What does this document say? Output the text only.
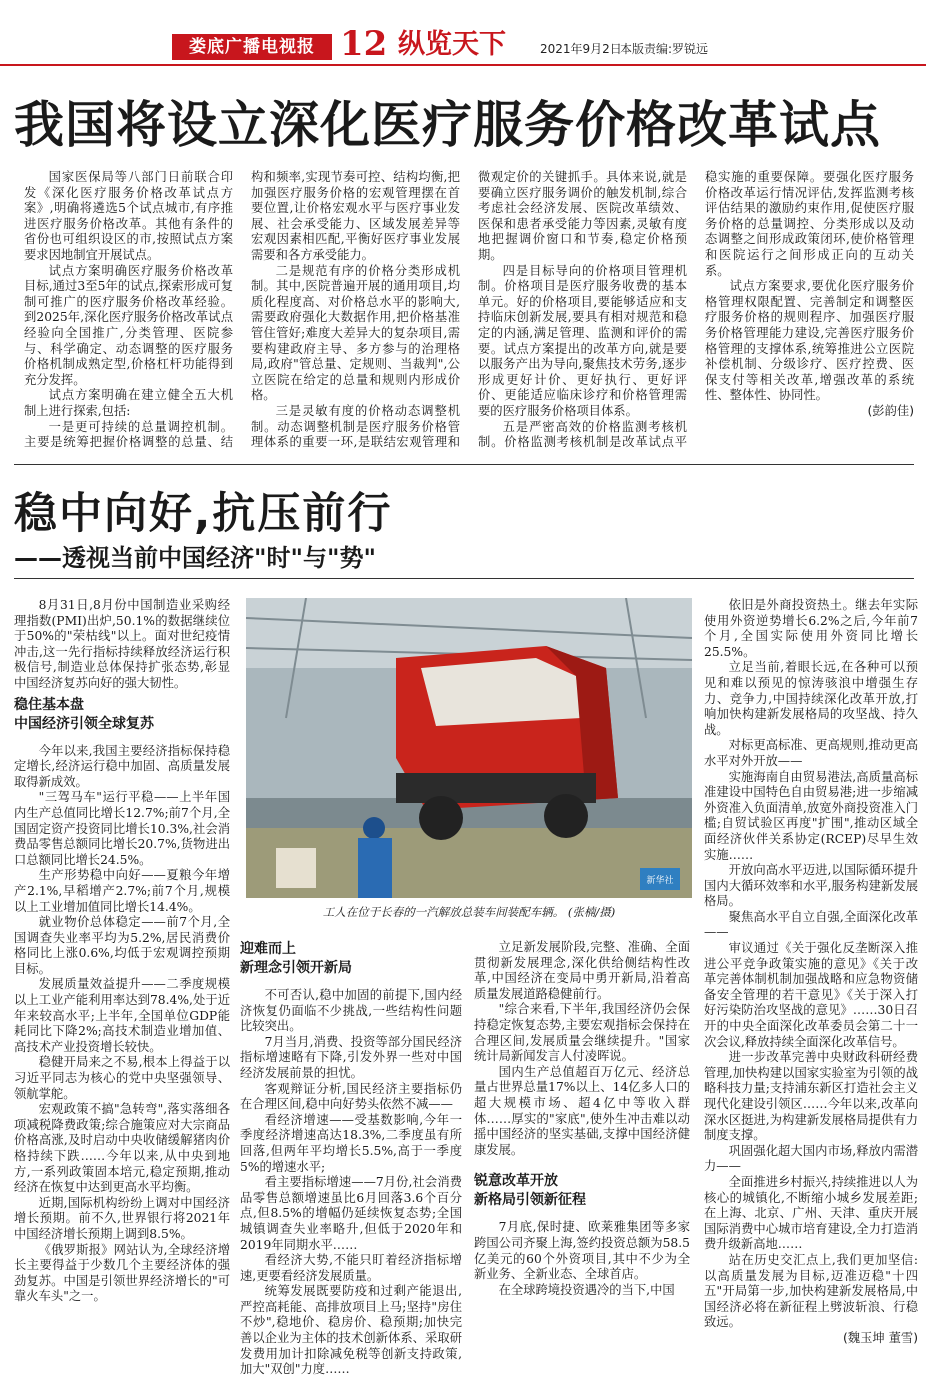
娄底广播电视报 12 纵览天下	2021年9月2日
本版责编:罗锐远
我国将设立深化医疗服务价格改革试点

国家医保局等八部门日前联合印发《深化医疗服务价格改革试点方案》,明确将遴选5个试点城市,有序推进医疗服务价格改革。其他有条件的省份也可组织设区的市,按照试点方案要求因地制宜开展试点。

试点方案明确医疗服务价格改革目标,通过3至5年的试点,探索形成可复制可推广的医疗服务价格改革经验。到2025年,深化医疗服务价格改革试点经验向全国推广,分类管理、医院参与、科学确定、动态调整的医疗服务价格机制成熟定型,价格杠杆功能得到充分发挥。

试点方案明确在建立健全五大机制上进行探索,包括:

一是更可持续的总量调控机制。主要是统筹把握价格调整的总量、结构和频率,实现节奏可控、结构均衡,把加强医疗服务价格的宏观管理摆在首要位置,让价格宏观水平与医疗事业发展、社会承受能力、区域发展差异等宏观因素相匹配,平衡好医疗事业发展需要和各方承受能力。

二是规范有序的价格分类形成机制。其中,医院普遍开展的通用项目,均质化程度高、对价格总水平的影响大,需要政府强化大数据作用,把价格基准管住管好;难度大差异大的复杂项目,需要构建政府主导、多方参与的治理格局,政府"管总量、定规则、当裁判",公立医院在给定的总量和规则内形成价格。

三是灵敏有度的价格动态调整机制。动态调整机制是医疗服务价格管理体系的重要一环,是联结宏观管理和微观定价的关键抓手。具体来说,就是要确立医疗服务调价的触发机制,综合考虑社会经济发展、医院改革绩效、医保和患者承受能力等因素,灵敏有度地把握调价窗口和节奏,稳定价格预期。

四是目标导向的价格项目管理机制。价格项目是医疗服务收费的基本单元。好的价格项目,要能够适应和支持临床创新发展,要具有相对规范和稳定的内涵,满足管理、监测和评价的需要。试点方案提出的改革方向,就是要以服务产出为导向,聚焦技术劳务,逐步形成更好计价、更好执行、更好评价、更能适应临床诊疗和价格管理需要的医疗服务价格项目体系。

五是严密高效的价格监测考核机制。价格监测考核机制是改革试点平稳实施的重要保障。要强化医疗服务价格改革运行情况评估,发挥监测考核评估结果的激励约束作用,促使医疗服务价格的总量调控、分类形成以及动态调整之间形成政策闭环,使价格管理和医院运行之间形成正向的互动关系。

试点方案要求,要优化医疗服务价格管理权限配置、完善制定和调整医疗服务价格的规则程序、加强医疗服务价格管理能力建设,完善医疗服务价格管理的支撑体系,统筹推进公立医院补偿机制、分级诊疗、医疗控费、医保支付等相关改革,增强改革的系统性、整体性、协同性。

(彭韵佳)

稳中向好,抗压前行
——透视当前中国经济"时"与"势"

8月31日,8月份中国制造业采购经理指数(PMI)出炉,50.1%的数据继续位于50%的"荣枯线"以上。面对世纪疫情冲击,这一先行指标持续释放经济运行积极信号,制造业总体保持扩张态势,彰显中国经济复苏向好的强大韧性。

稳住基本盘
中国经济引领全球复苏

今年以来,我国主要经济指标保持稳定增长,经济运行稳中加固、高质量发展取得新成效。

"三驾马车"运行平稳——上半年国内生产总值同比增长12.7%;前7个月,全国固定资产投资同比增长10.3%,社会消费品零售总额同比增长20.7%,货物进出口总额同比增长24.5%。

生产形势稳中向好——夏粮今年增产2.1%,早稻增产2.7%;前7个月,规模以上工业增加值同比增长14.4%。

就业物价总体稳定——前7个月,全国调查失业率平均为5.2%,居民消费价格同比上涨0.6%,均低于宏观调控预期目标。

发展质量效益提升——二季度规模以上工业产能利用率达到78.4%,处于近年来较高水平;上半年,全国单位GDP能耗同比下降2%;高技术制造业增加值、高技术产业投资增长较快。

稳健开局来之不易,根本上得益于以习近平同志为核心的党中央坚强领导、领航掌舵。

宏观政策不搞"急转弯",落实落细各项减税降费政策;综合施策应对大宗商品价格高涨,及时启动中央收储缓解猪肉价格持续下跌……今年以来,从中央到地方,一系列政策固本培元,稳定预期,推动经济在恢复中达到更高水平均衡。

近期,国际机构纷纷上调对中国经济增长预期。前不久,世界银行将2021年中国经济增长预期上调到8.5%。

《俄罗斯报》网站认为,全球经济增长主要得益于少数几个主要经济体的强劲复苏。中国是引领世界经济增长的"可靠火车头"之一。

新华社
工人在位于长春的一汽解放总装车间装配车辆。 (张楠/摄)
迎难而上
新理念引领开新局

不可否认,稳中加固的前提下,国内经济恢复仍面临不少挑战,一些结构性问题比较突出。

7月当月,消费、投资等部分国民经济指标增速略有下降,引发外界一些对中国经济发展前景的担忧。

客观辩证分析,国民经济主要指标仍在合理区间,稳中向好势头依然不减——

看经济增速——受基数影响,今年一季度经济增速高达18.3%,二季度虽有所回落,但两年平均增长5.5%,高于一季度5%的增速水平;

看主要指标增速——7月份,社会消费品零售总额增速虽比6月回落3.6个百分点,但8.5%的增幅仍延续恢复态势;全国城镇调查失业率略升,但低于2020年和2019年同期水平……

看经济大势,不能只盯着经济指标增速,更要看经济发展质量。

统筹发展既要防疫和过剩产能退出,严控高耗能、高排放项目上马;坚持"房住不炒",稳地价、稳房价、稳预期;加快完善以企业为主体的技术创新体系、采取研发费用加计扣除减免税等创新支持政策,加大"双创"力度……

立足新发展阶段,完整、准确、全面贯彻新发展理念,深化供给侧结构性改革,中国经济在变局中勇开新局,沿着高质量发展道路稳健前行。

"综合来看,下半年,我国经济仍会保持稳定恢复态势,主要宏观指标会保持在合理区间,发展质量会继续提升。"国家统计局新闻发言人付凌晖说。

国内生产总值超百万亿元、经济总量占世界总量17%以上、14亿多人口的超大规模市场、超4亿中等收入群体……厚实的"家底",使外生冲击难以动摇中国经济的坚实基础,支撑中国经济健康发展。

锐意改革开放
新格局引领新征程

7月底,保时捷、欧莱雅集团等多家跨国公司齐聚上海,签约投资总额为58.5亿美元的60个外资项目,其中不少为全新业务、全新业态、全球首店。

在全球跨境投资遇冷的当下,中国

依旧是外商投资热土。继去年实际使用外资逆势增长6.2%之后,今年前7个月,全国实际使用外资同比增长25.5%。

立足当前,着眼长远,在各种可以预见和难以预见的惊涛骇浪中增强生存力、竞争力,中国持续深化改革开放,打响加快构建新发展格局的攻坚战、持久战。

对标更高标准、更高规则,推动更高水平对外开放——

实施海南自由贸易港法,高质量高标准建设中国特色自由贸易港;进一步缩减外资准入负面清单,放宽外商投资准入门槛;自贸试验区再度"扩围",推动区域全面经济伙伴关系协定(RCEP)尽早生效实施……

开放向高水平迈进,以国际循环提升国内大循环效率和水平,服务构建新发展格局。

聚焦高水平自立自强,全面深化改革——

审议通过《关于强化反垄断深入推进公平竞争政策实施的意见》《关于改革完善体制机制加强战略和应急物资储备安全管理的若干意见》《关于深入打好污染防治攻坚战的意见》……30日召开的中央全面深化改革委员会第二十一次会议,释放持续全面深化改革信号。

进一步改革完善中央财政科研经费管理,加快构建以国家实验室为引领的战略科技力量;支持浦东新区打造社会主义现代化建设引领区……今年以来,改革向深水区挺进,为构建新发展格局提供有力制度支撑。

巩固强化超大国内市场,释放内需潜力——

全面推进乡村振兴,持续推进以人为核心的城镇化,不断缩小城乡发展差距;在上海、北京、广州、天津、重庆开展国际消费中心城市培育建设,全力打造消费升级新高地……

站在历史交汇点上,我们更加坚信:以高质量发展为目标,迈准迈稳"十四五"开局第一步,加快构建新发展格局,中国经济必将在新征程上劈波斩浪、行稳致远。

(魏玉坤 董雪)
